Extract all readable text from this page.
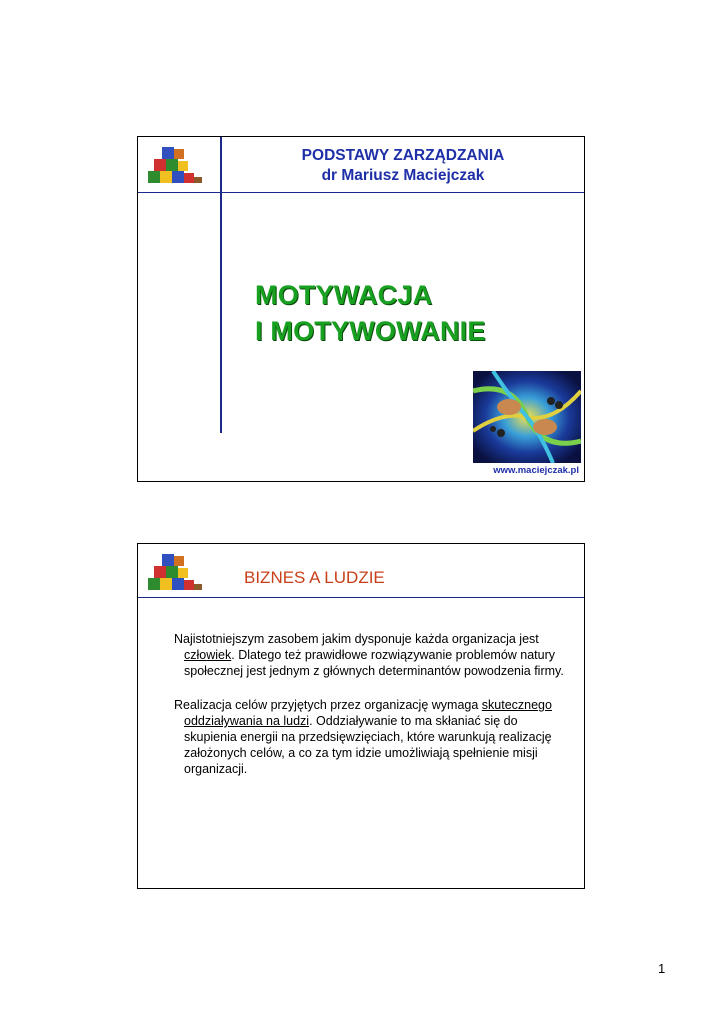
PODSTAWY ZARZĄDZANIA
dr Mariusz Maciejczak
MOTYWACJA
I MOTYWOWANIE
www.maciejczak.pl
BIZNES A LUDZIE

Najistotniejszym zasobem jakim dysponuje każda organizacja jest człowiek. Dlatego też prawidłowe rozwiązywanie problemów natury społecznej jest jednym z głównych determinantów powodzenia firmy.

Realizacja celów przyjętych przez organizację wymaga skutecznego oddziaływania na ludzi. Oddziaływanie to ma skłaniać się do skupienia energii na przedsięwzięciach, które warunkują realizację założonych celów, a co za tym idzie umożliwiają spełnienie misji organizacji.

1
